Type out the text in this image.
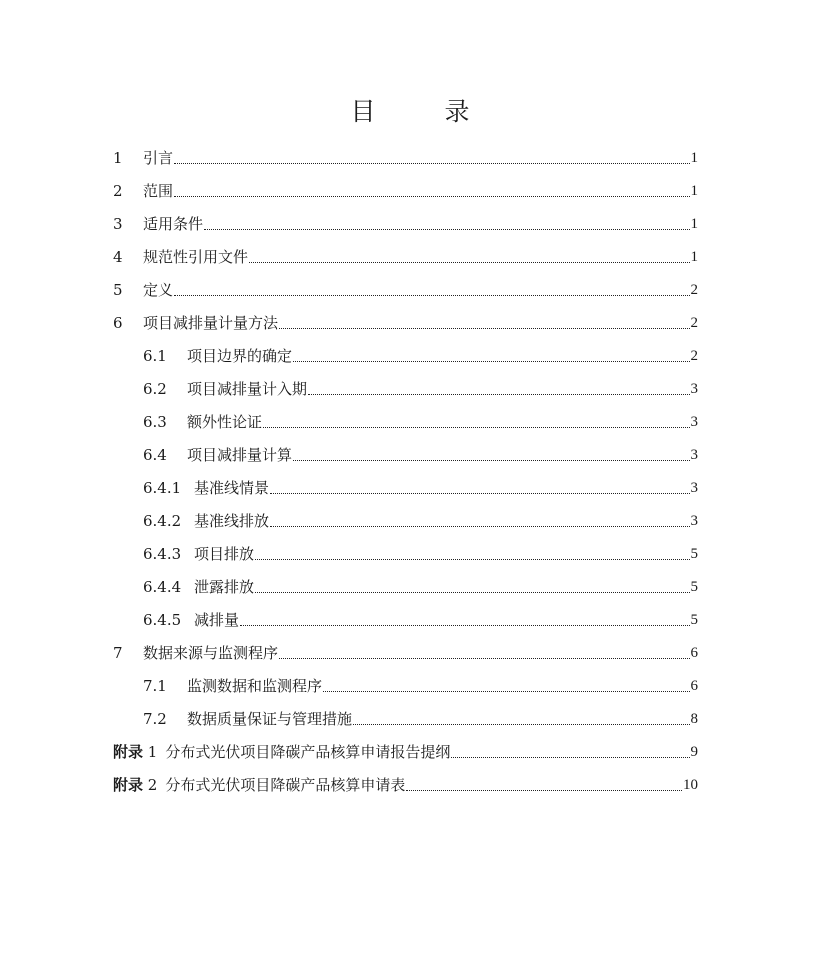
目　录
1	引言	1
2	范围	1
3	适用条件	1
4	规范性引用文件	1
5	定义	2
6	项目减排量计量方法	2
6.1	项目边界的确定	2
6.2	项目减排量计入期	3
6.3	额外性论证	3
6.4	项目减排量计算	3
6.4.1 基准线情景	3
6.4.2 基准线排放	3
6.4.3 项目排放	5
6.4.4 泄露排放	5
6.4.5 减排量	5
7	数据来源与监测程序	6
7.1	监测数据和监测程序	6
7.2	数据质量保证与管理措施	8
附录 1 分布式光伏项目降碳产品核算申请报告提纲	9
附录 2 分布式光伏项目降碳产品核算申请表	10
